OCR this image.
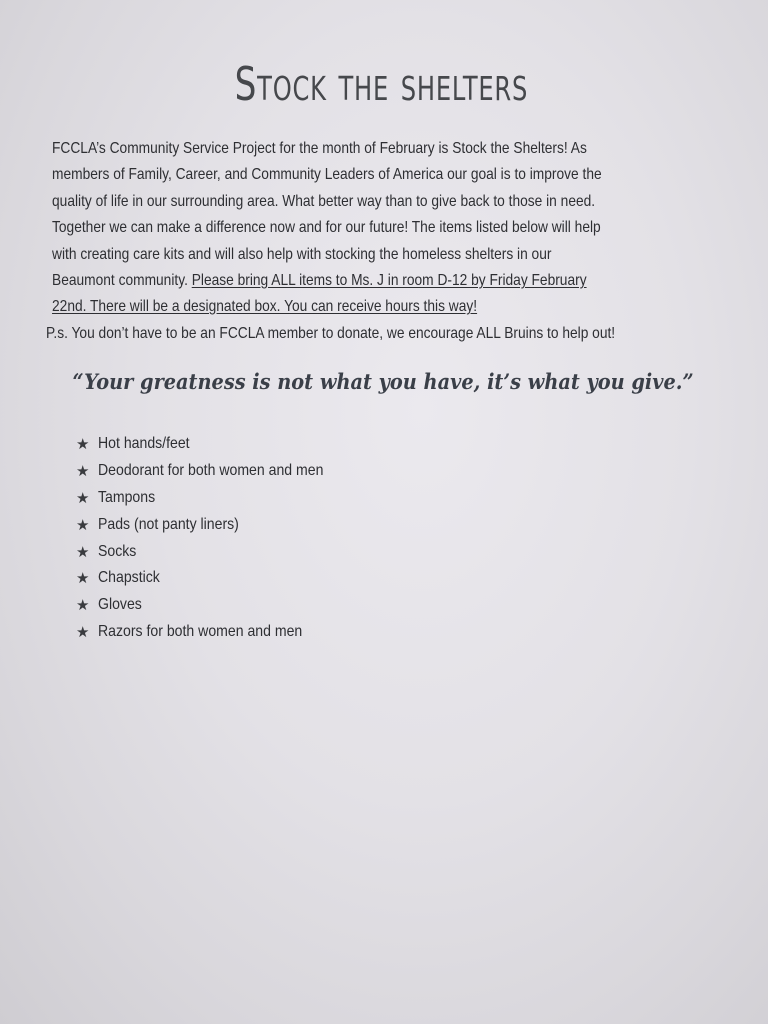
Stock the shelters
FCCLA’s Community Service Project for the month of February is Stock the Shelters! As
members of Family, Career, and Community Leaders of America our goal is to improve the
quality of life in our surrounding area. What better way than to give back to those in need.
Together we can make a difference now and for our future! The items listed below will help
with creating care kits and will also help with stocking the homeless shelters in our
Beaumont community. Please bring ALL items to Ms. J in room D-12 by Friday February
22nd. There will be a designated box. You can receive hours this way!
P.s. You don’t have to be an FCCLA member to donate, we encourage ALL Bruins to help out!
“Your greatness is not what you have, it’s what you give.”
★ Hot hands/feet
★ Deodorant for both women and men
★ Tampons
★ Pads (not panty liners)
★ Socks
★ Chapstick
★ Gloves
★ Razors for both women and men
